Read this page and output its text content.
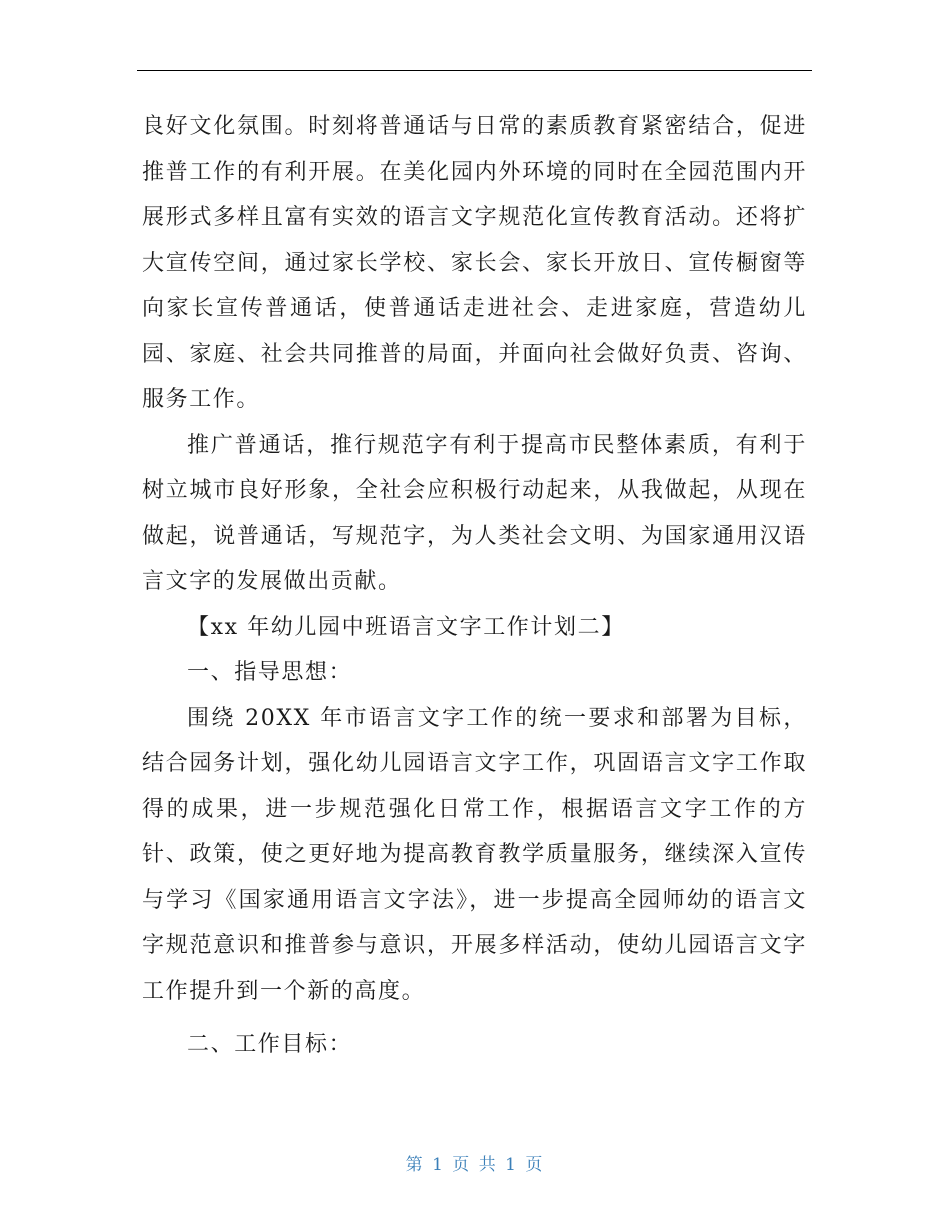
良好文化氛围。时刻将普通话与日常的素质教育紧密结合，促进推普工作的有利开展。在美化园内外环境的同时在全园范围内开展形式多样且富有实效的语言文字规范化宣传教育活动。还将扩大宣传空间，通过家长学校、家长会、家长开放日、宣传橱窗等向家长宣传普通话，使普通话走进社会、走进家庭，营造幼儿园、家庭、社会共同推普的局面，并面向社会做好负责、咨询、服务工作。

推广普通话，推行规范字有利于提高市民整体素质，有利于树立城市良好形象，全社会应积极行动起来，从我做起，从现在做起，说普通话，写规范字，为人类社会文明、为国家通用汉语言文字的发展做出贡献。

【xx 年幼儿园中班语言文字工作计划二】

一、指导思想：

围绕 20XX 年市语言文字工作的统一要求和部署为目标，结合园务计划，强化幼儿园语言文字工作，巩固语言文字工作取得的成果，进一步规范强化日常工作，根据语言文字工作的方针、政策，使之更好地为提高教育教学质量服务，继续深入宣传与学习《国家通用语言文字法》，进一步提高全园师幼的语言文字规范意识和推普参与意识，开展多样活动，使幼儿园语言文字工作提升到一个新的高度。

二、工作目标：

第 1 页 共 1 页
